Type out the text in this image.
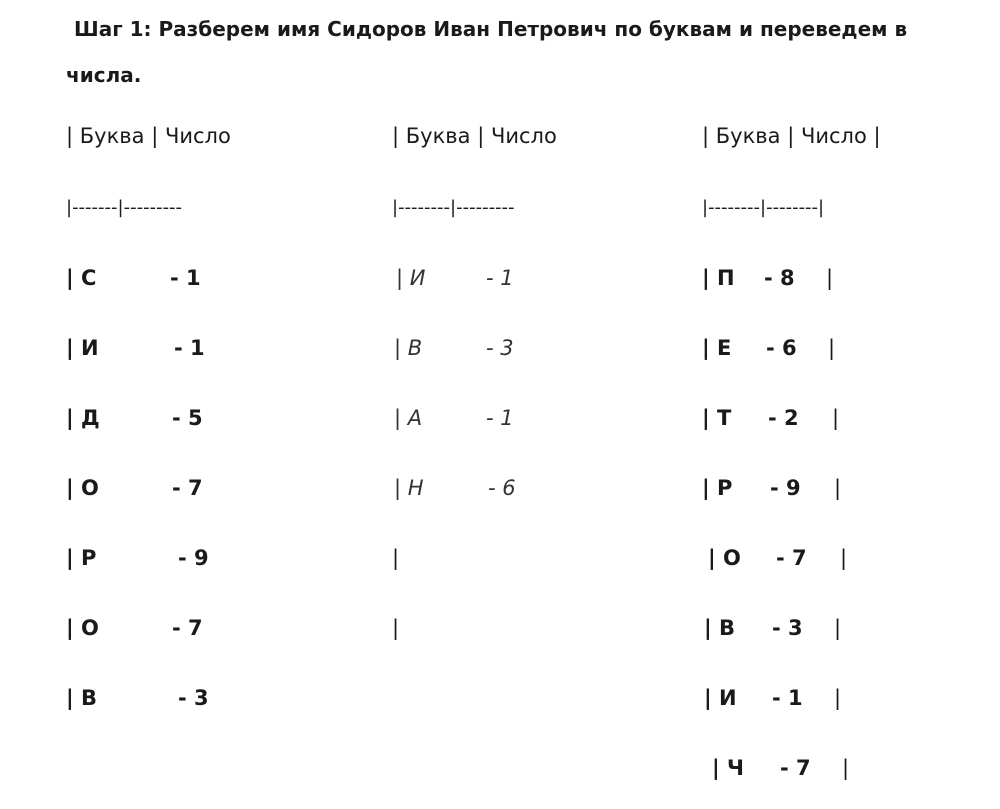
Шаг 1: Разберем имя Сидоров Иван Петрович по буквам и переведем в числа.

| Буква | Число
|-------|---------
| С	- 1
| И	- 1
| Д	- 5
| О	- 7
| Р	- 9
| О	- 7
| В	- 3
| Буква | Число
|--------|---------
| И	- 1
| В	- 3
| А	- 1
| Н	- 6
|
|
| Буква | Число |
|--------|--------|
| П - 8 |
| Е - 6 |
| Т - 2 |
| Р - 9 |
| О - 7 |
| В - 3 |
| И - 1 |
| Ч - 7 |
